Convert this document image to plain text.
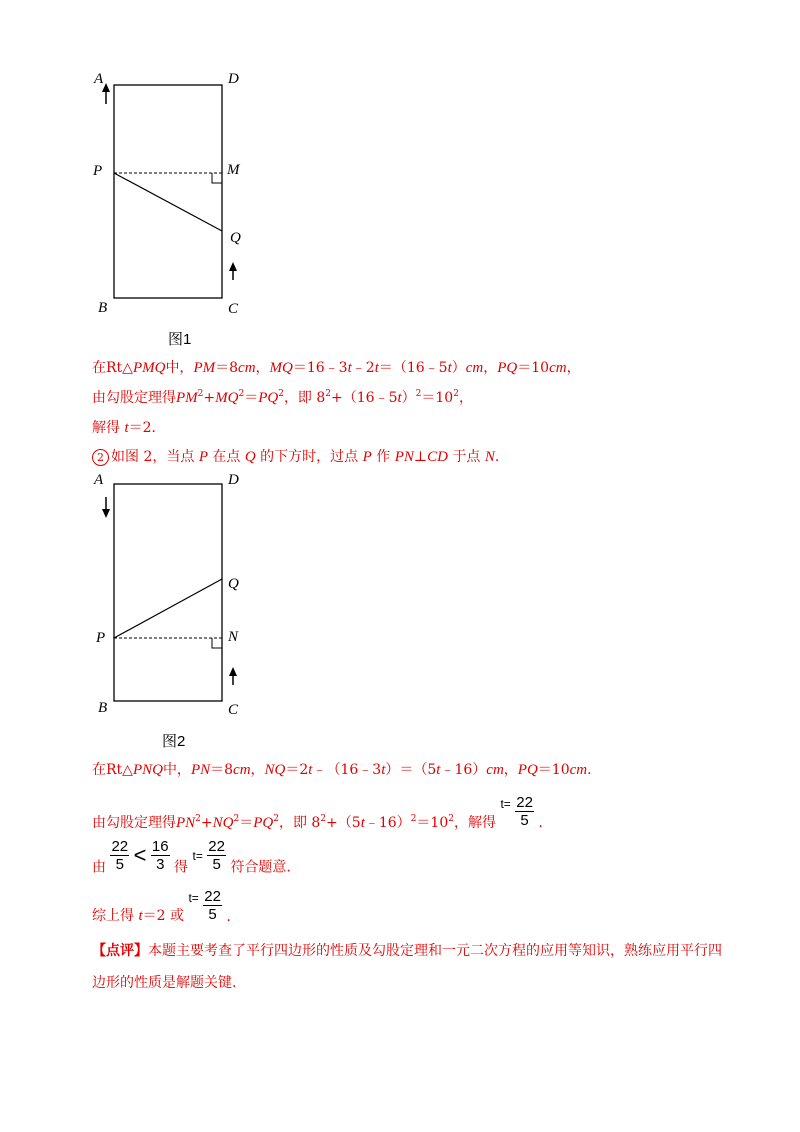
A	D
P	M
Q
B	C
图1
在Rt△PMQ中，PM＝8cm，MQ＝16﹣3t﹣2t＝（16﹣5t）cm，PQ＝10cm，
由勾股定理得$PM^2+MQ^2=PQ^2$，即 $8^2+(16﹣5t)^2=10^2$，
解得 t＝2．
2 如图 2，当点 P 在点 Q 的下方时，过点 P 作 PN⊥CD 于点 N.
A	D
Q
P	N
B	C
图2
在Rt△PNQ中，PN＝8cm，NQ＝2t﹣（16﹣3t）＝（5t﹣16）cm，PQ＝10cm.
由勾股定理得$PN^2+NQ^2=PQ^2$，即 $8^2+(5t﹣16)^2=10^2$，解得 $t= \frac{22}{5}$ .
由 $\frac{22}{5} < \frac{16}{3}$ 得 $t= \frac{22}{5}$ 符合题意.
综上得 t＝2 或 $t= \frac{22}{5}$ .
【点评】本题主要考查了平行四边形的性质及勾股定理和一元二次方程的应用等知识，熟练应用平行四
边形的性质是解题关键.
